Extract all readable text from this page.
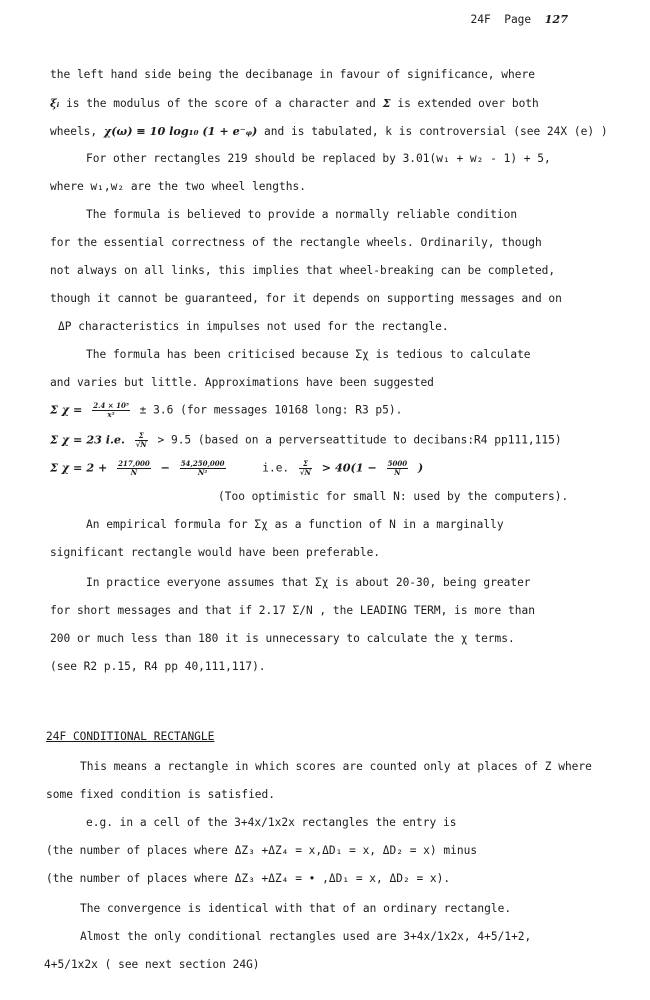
24F Page 127
the left hand side being the decibanage in favour of significance, where
ξᵢ is the modulus of the score of a character and Σ is extended over both
wheels, χ(ω) ≡ 10 log₁₀ (1 + e⁻ᵩ) and is tabulated, k is controversial (see 24X (e) )
For other rectangles 219 should be replaced by 3.01(w₁ + w₂ - 1) + 5,
where w₁,w₂ are the two wheel lengths.
The formula is believed to provide a normally reliable condition
for the essential correctness of the rectangle wheels. Ordinarily, though
not always on all links, this implies that wheel-breaking can be completed,
though it cannot be guaranteed, for it depends on supporting messages and on
ΔP characteristics in impulses not used for the rectangle.
The formula has been criticised because Σχ is tedious to calculate
and varies but little. Approximations have been suggested
Σ $\chi = \frac{\text{2.4 × 10⁵}}{\text{x²}} \pm 3.6$ (for messages 10168 long: R3 p5).
Σ χ = 23 i.e. $\frac{\Sigma}{√N} > 9.5$ (based on a perverseattitude to decibans:R4 pp111,115)
Σ $\chi = 2 + \frac{217,000}{N} - \frac{54,250,000}{\text{N²}}$	i.e. $\frac{\Sigma}{√N} > 40(1 - \frac{5000}{N}$ )
(Too optimistic for small N: used by the computers).
An empirical formula for Σχ as a function of N in a marginally
significant rectangle would have been preferable.
In practice everyone assumes that Σχ is about 20-30, being greater
for short messages and that if 2.17 Σ/N , the LEADING TERM, is more than
200 or much less than 180 it is unnecessary to calculate the χ terms.
(see R2 p.15, R4 pp 40,111,117).
24F CONDITIONAL RECTANGLE
This means a rectangle in which scores are counted only at places of Z where
some fixed condition is satisfied.
e.g. in a cell of the 3+4x/1x2x rectangles the entry is
(the number of places where ΔZ₃ +ΔZ₄ = x,ΔD₁ = x, ΔD₂ = x) minus
(the number of places where ΔZ₃ +ΔZ₄ = • ,ΔD₁ = x, ΔD₂ = x).
The convergence is identical with that of an ordinary rectangle.
Almost the only conditional rectangles used are 3+4x/1x2x, 4+5/1+2,
4+5/1x2x ( see next section 24G)
